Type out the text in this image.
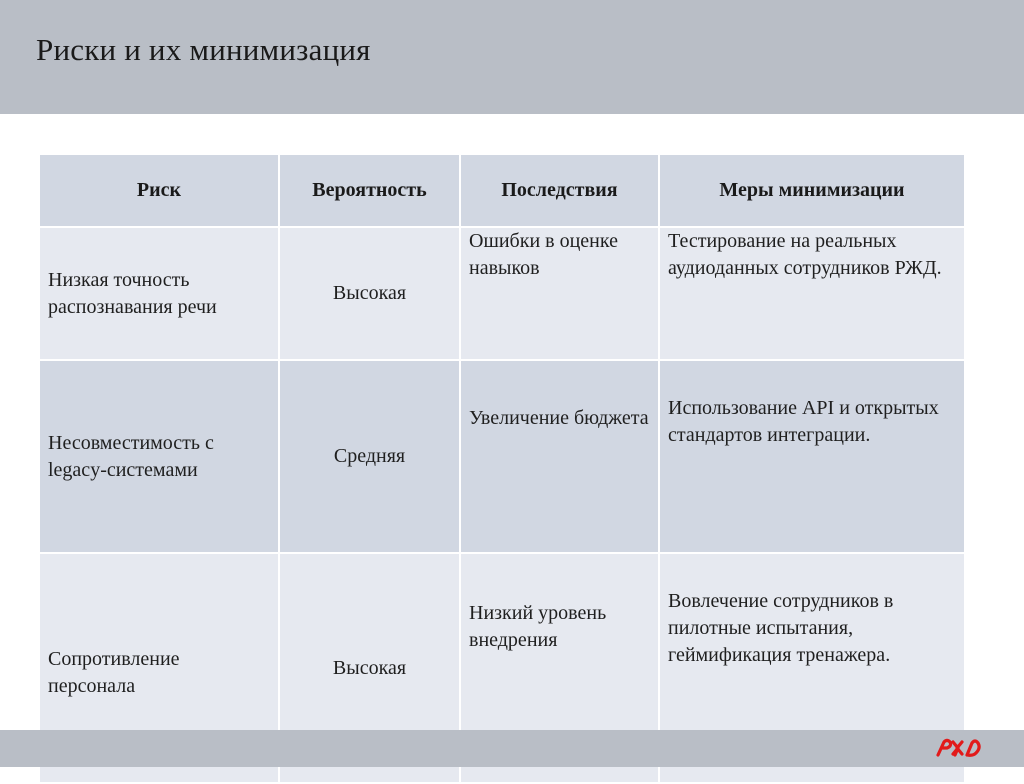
Риски и их минимизация
Риск	Вероятность	Последствия	Меры минимизации
Низкая точность распознавания речи	Высокая	Ошибки в оценке навыков	Тестирование на реальных аудиоданных сотрудников РЖД.
Несовместимость с legacy-системами	Средняя	Увеличение бюджета	Использование API и открытых стандартов интеграции.
Сопротивление персонала	Высокая	Низкий уровень внедрения	Вовлечение сотрудников в пилотные испытания, геймификация тренажера.
